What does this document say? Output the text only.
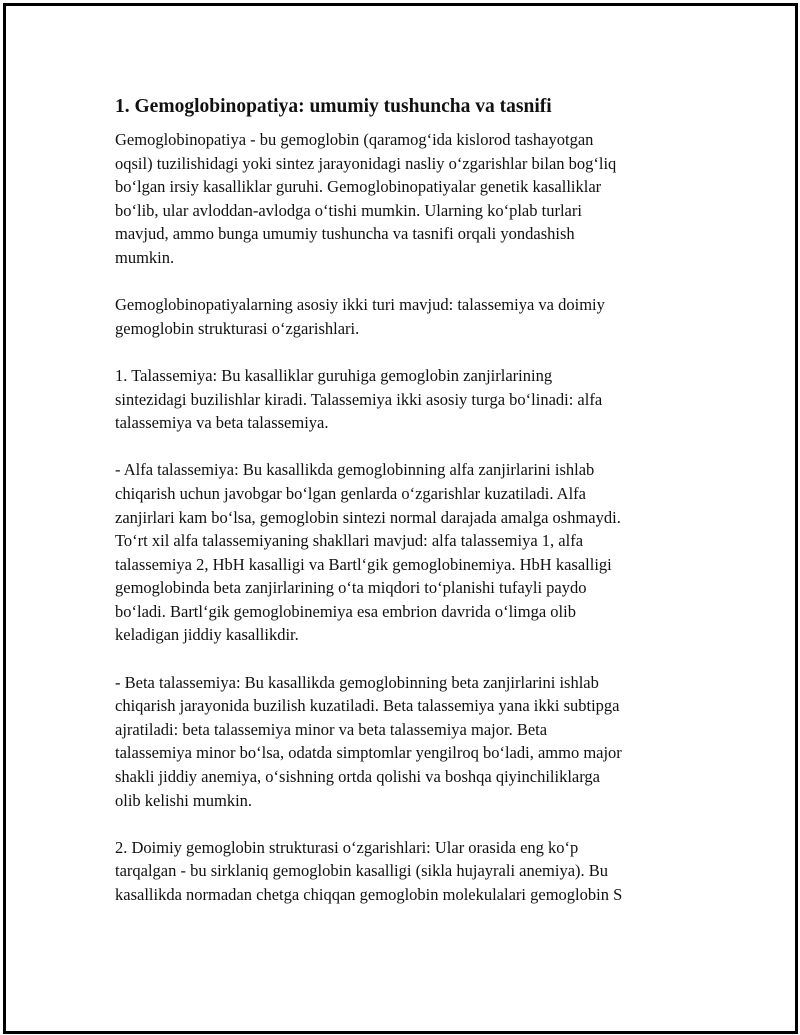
1. Gemoglobinopatiya: umumiy tushuncha va tasnifi

Gemoglobinopatiya - bu gemoglobin (qaramog‘ida kislorod tashayotgan
oqsil) tuzilishidagi yoki sintez jarayonidagi nasliy o‘zgarishlar bilan bog‘liq
bo‘lgan irsiy kasalliklar guruhi. Gemoglobinopatiyalar genetik kasalliklar
bo‘lib, ular avloddan-avlodga o‘tishi mumkin. Ularning ko‘plab turlari
mavjud, ammo bunga umumiy tushuncha va tasnifi orqali yondashish
mumkin.

Gemoglobinopatiyalarning asosiy ikki turi mavjud: talassemiya va doimiy
gemoglobin strukturasi o‘zgarishlari.

1. Talassemiya: Bu kasalliklar guruhiga gemoglobin zanjirlarining
sintezidagi buzilishlar kiradi. Talassemiya ikki asosiy turga bo‘linadi: alfa
talassemiya va beta talassemiya.

- Alfa talassemiya: Bu kasallikda gemoglobinning alfa zanjirlarini ishlab
chiqarish uchun javobgar bo‘lgan genlarda o‘zgarishlar kuzatiladi. Alfa
zanjirlari kam bo‘lsa, gemoglobin sintezi normal darajada amalga oshmaydi.
To‘rt xil alfa talassemiyaning shakllari mavjud: alfa talassemiya 1, alfa
talassemiya 2, HbH kasalligi va Bartl‘gik gemoglobinemiya. HbH kasalligi
gemoglobinda beta zanjirlarining o‘ta miqdori to‘planishi tufayli paydo
bo‘ladi. Bartl‘gik gemoglobinemiya esa embrion davrida o‘limga olib
keladigan jiddiy kasallikdir.

- Beta talassemiya: Bu kasallikda gemoglobinning beta zanjirlarini ishlab
chiqarish jarayonida buzilish kuzatiladi. Beta talassemiya yana ikki subtipga
ajratiladi: beta talassemiya minor va beta talassemiya major. Beta
talassemiya minor bo‘lsa, odatda simptomlar yengilroq bo‘ladi, ammo major
shakli jiddiy anemiya, o‘sishning ortda qolishi va boshqa qiyinchiliklarga
olib kelishi mumkin.

2. Doimiy gemoglobin strukturasi o‘zgarishlari: Ular orasida eng ko‘p
tarqalgan - bu sirklaniq gemoglobin kasalligi (sikla hujayrali anemiya). Bu
kasallikda normadan chetga chiqqan gemoglobin molekulalari gemoglobin S
